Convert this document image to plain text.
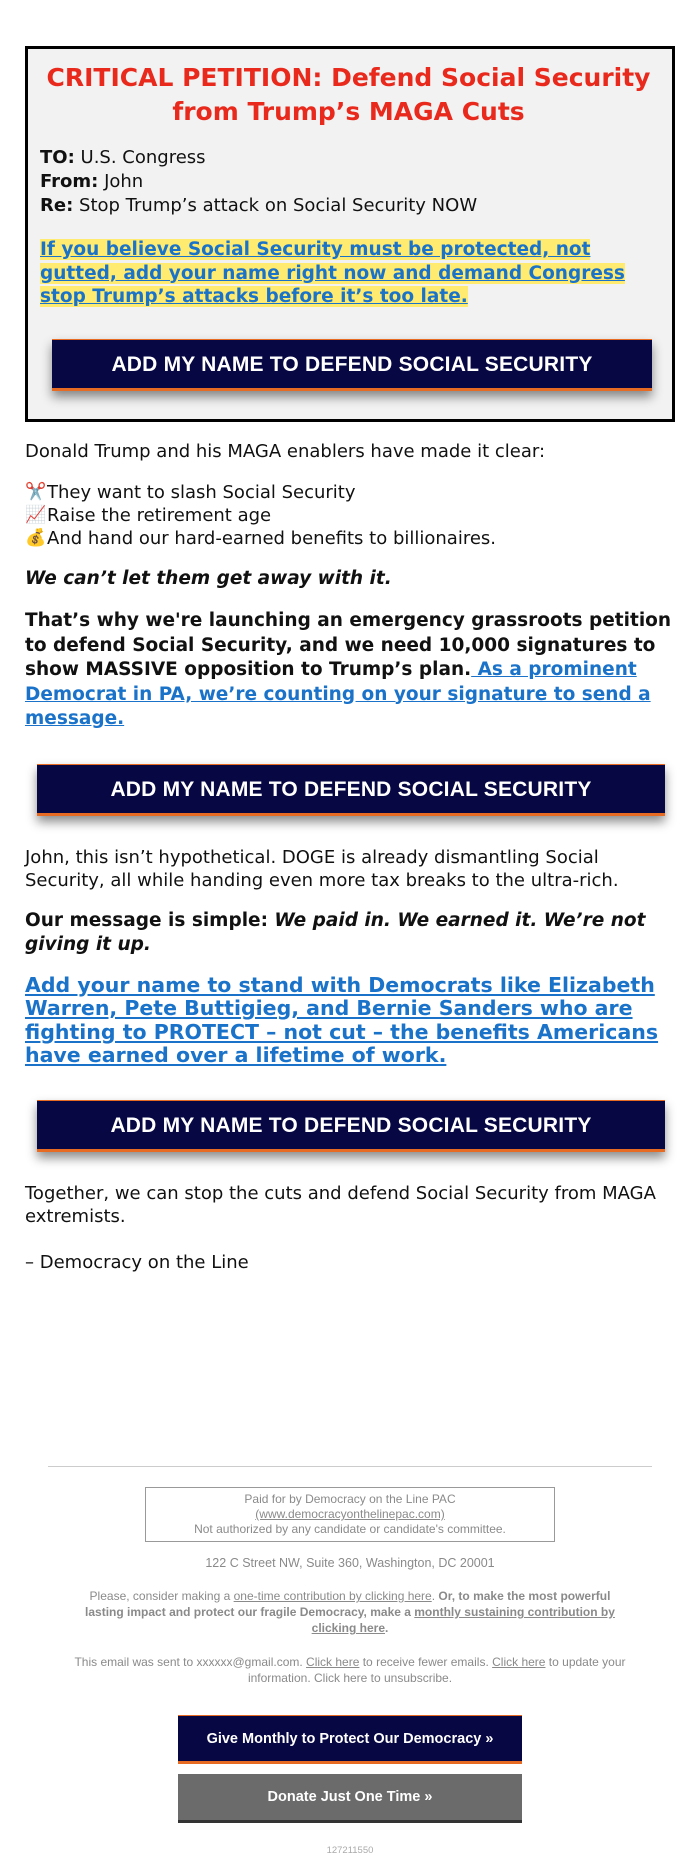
CRITICAL PETITION: Defend Social Security from Trump’s MAGA Cuts
TO: U.S. Congress
From: John
Re: Stop Trump’s attack on Social Security NOW
If you believe Social Security must be protected, not gutted, add your name right now and demand Congress stop Trump’s attacks before it’s too late.
ADD MY NAME TO DEFEND SOCIAL SECURITY

Donald Trump and his MAGA enablers have made it clear:

✂️ They want to slash Social Security
📈 Raise the retirement age
💰 And hand our hard-earned benefits to billionaires.

We can’t let them get away with it.

That’s why we're launching an emergency grassroots petition to defend Social Security, and we need 10,000 signatures to show MASSIVE opposition to Trump’s plan. As a prominent Democrat in PA, we’re counting on your signature to send a message.

ADD MY NAME TO DEFEND SOCIAL SECURITY

John, this isn’t hypothetical. DOGE is already dismantling Social Security, all while handing even more tax breaks to the ultra-rich.

Our message is simple: We paid in. We earned it. We’re not giving it up.

Add your name to stand with Democrats like Elizabeth Warren, Pete Buttigieg, and Bernie Sanders who are fighting to PROTECT – not cut – the benefits Americans have earned over a lifetime of work.
ADD MY NAME TO DEFEND SOCIAL SECURITY

Together, we can stop the cuts and defend Social Security from MAGA extremists.

– Democracy on the Line

Paid for by Democracy on the Line PAC
(www.democracyonthelinepac.com)
Not authorized by any candidate or candidate's committee.
122 C Street NW, Suite 360, Washington, DC 20001
Please, consider making a one-time contribution by clicking here. Or, to make the most powerful lasting impact and protect our fragile Democracy, make a monthly sustaining contribution by clicking here.
This email was sent to xxxxxx@gmail.com. Click here to receive fewer emails. Click here to update your information. Click here to unsubscribe.
Give Monthly to Protect Our Democracy »
Donate Just One Time »
127211550
